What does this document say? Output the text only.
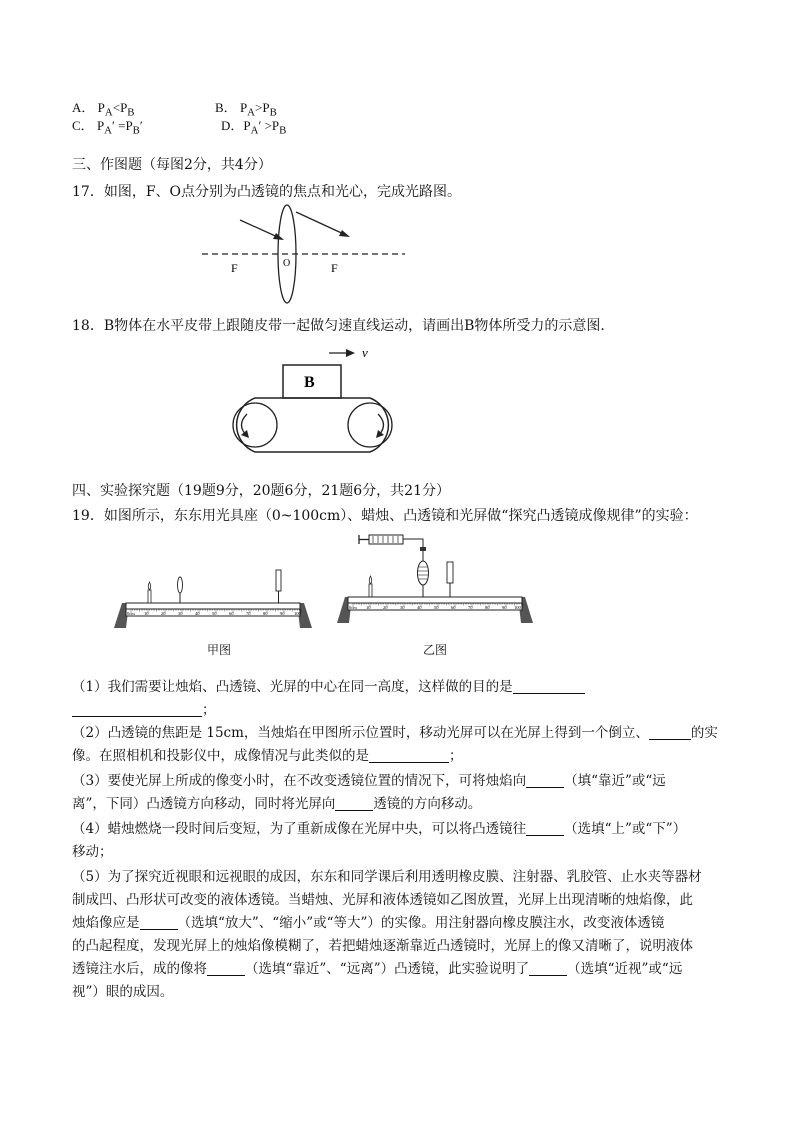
A． $P_A<P_B$	B． $P_A>P_B$
C． $P_A' =P_B'$	D．$P_A' >P_B$
三、作图题（每图2分，共4分）
17．如图，F、O点分别为凸透镜的焦点和光心，完成光路图。
F	O	F
18．B物体在水平皮带上跟随皮带一起做匀速直线运动，请画出B物体所受力的示意图.
v
B
四、实验探究题（19题9分，20题6分，21题6分，共21分）
19．如图所示，东东用光具座（0~100cm）、蜡烛、凸透镜和光屏做“探究凸透镜成像规律”的实验：
0cm 10	20	30	40	50	60	70	80	90 100
甲图
0cm 10	20	30	40	50	60	70	80	90 100
乙图
（1）我们需要让烛焰、凸透镜、光屏的中心在同一高度，这样做的目的是
；
（2）凸透镜的焦距是 15cm，当烛焰在甲图所示位置时，移动光屏可以在光屏上得到一个倒立、	的实
像。在照相机和投影仪中，成像情况与此类似的是	；
（3）要使光屏上所成的像变小时，在不改变透镜位置的情况下，可将烛焰向	（填“靠近”或“远
离”，下同）凸透镜方向移动，同时将光屏向	透镜的方向移动。
（4）蜡烛燃烧一段时间后变短，为了重新成像在光屏中央，可以将凸透镜往	（选填“上”或“下”）
移动；
（5）为了探究近视眼和远视眼的成因，东东和同学课后利用透明橡皮膜、注射器、乳胶管、止水夹等器材
制成凹、凸形状可改变的液体透镜。当蜡烛、光屏和液体透镜如乙图放置，光屏上出现清晰的烛焰像，此
烛焰像应是	（选填“放大”、“缩小”或“等大”）的实像。用注射器向橡皮膜注水，改变液体透镜
的凸起程度，发现光屏上的烛焰像模糊了，若把蜡烛逐渐靠近凸透镜时，光屏上的像又清晰了，说明液体
透镜注水后，成的像将	（选填“靠近”、“远离”）凸透镜，此实验说明了	（选填“近视”或“远
视”）眼的成因。
